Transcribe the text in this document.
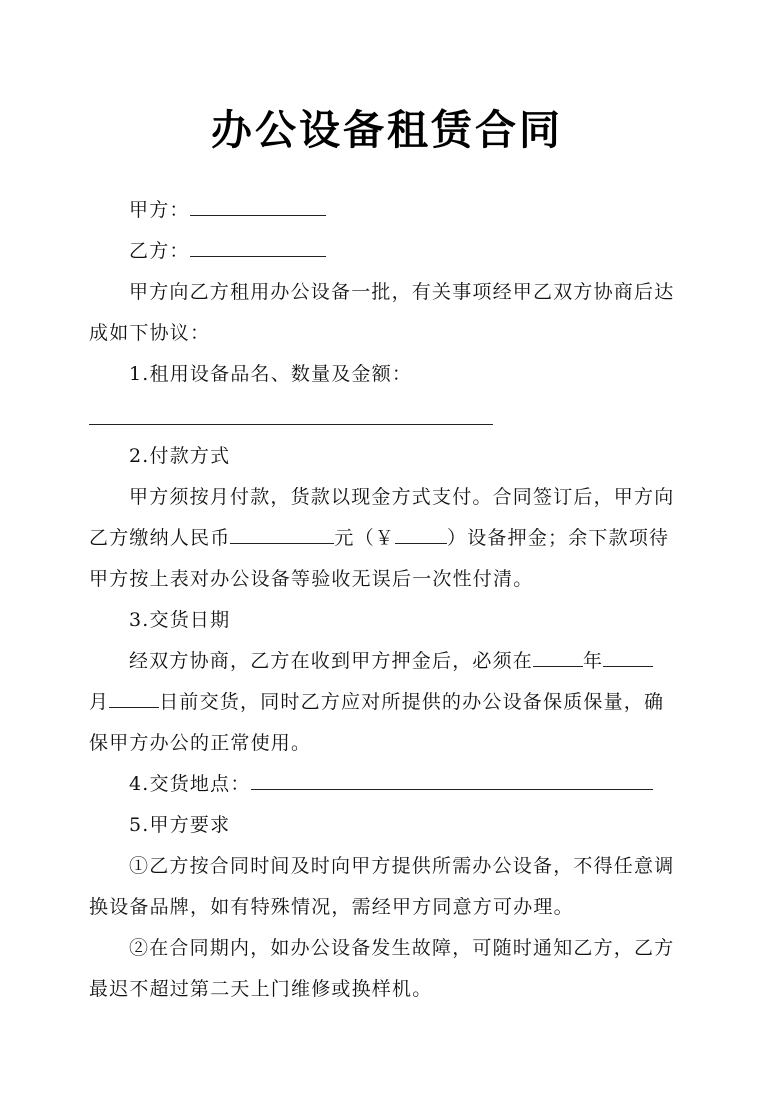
办公设备租赁合同

甲方：

乙方：

甲方向乙方租用办公设备一批，有关事项经甲乙双方协商后达

成如下协议：

1.租用设备品名、数量及金额：

2.付款方式

甲方须按月付款，货款以现金方式支付。合同签订后，甲方向

乙方缴纳人民币	元（￥	）设备押金；余下款项待

甲方按上表对办公设备等验收无误后一次性付清。

3.交货日期

经双方协商，乙方在收到甲方押金后，必须在	年

月	日前交货，同时乙方应对所提供的办公设备保质保量，确

保甲方办公的正常使用。

4.交货地点：

5.甲方要求

①乙方按合同时间及时向甲方提供所需办公设备，不得任意调

换设备品牌，如有特殊情况，需经甲方同意方可办理。

②在合同期内，如办公设备发生故障，可随时通知乙方，乙方

最迟不超过第二天上门维修或换样机。
